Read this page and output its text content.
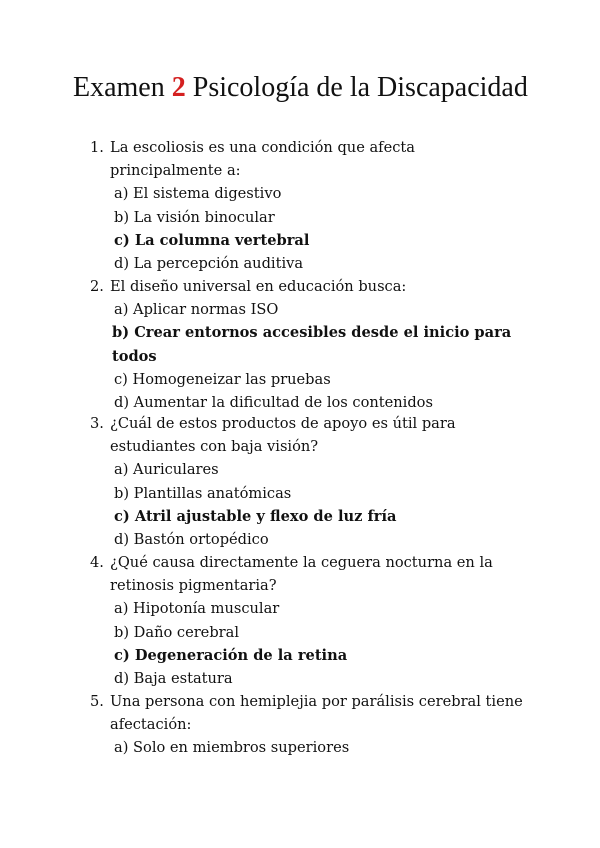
Examen 2 Psicología de la Discapacidad
1. La escoliosis es una condición que afecta principalmente a:
a) El sistema digestivo
b) La visión binocular
c) La columna vertebral
d) La percepción auditiva
2. El diseño universal en educación busca:
a) Aplicar normas ISO
b) Crear entornos accesibles desde el inicio para todos
c) Homogeneizar las pruebas
d) Aumentar la dificultad de los contenidos
3. ¿Cuál de estos productos de apoyo es útil para estudiantes con baja visión?
a) Auriculares
b) Plantillas anatómicas
c) Atril ajustable y flexo de luz fría
d) Bastón ortopédico
4. ¿Qué causa directamente la ceguera nocturna en la retinosis pigmentaria?
a) Hipotonía muscular
b) Daño cerebral
c) Degeneración de la retina
d) Baja estatura
5. Una persona con hemiplejia por parálisis cerebral tiene afectación:
a) Solo en miembros superiores
